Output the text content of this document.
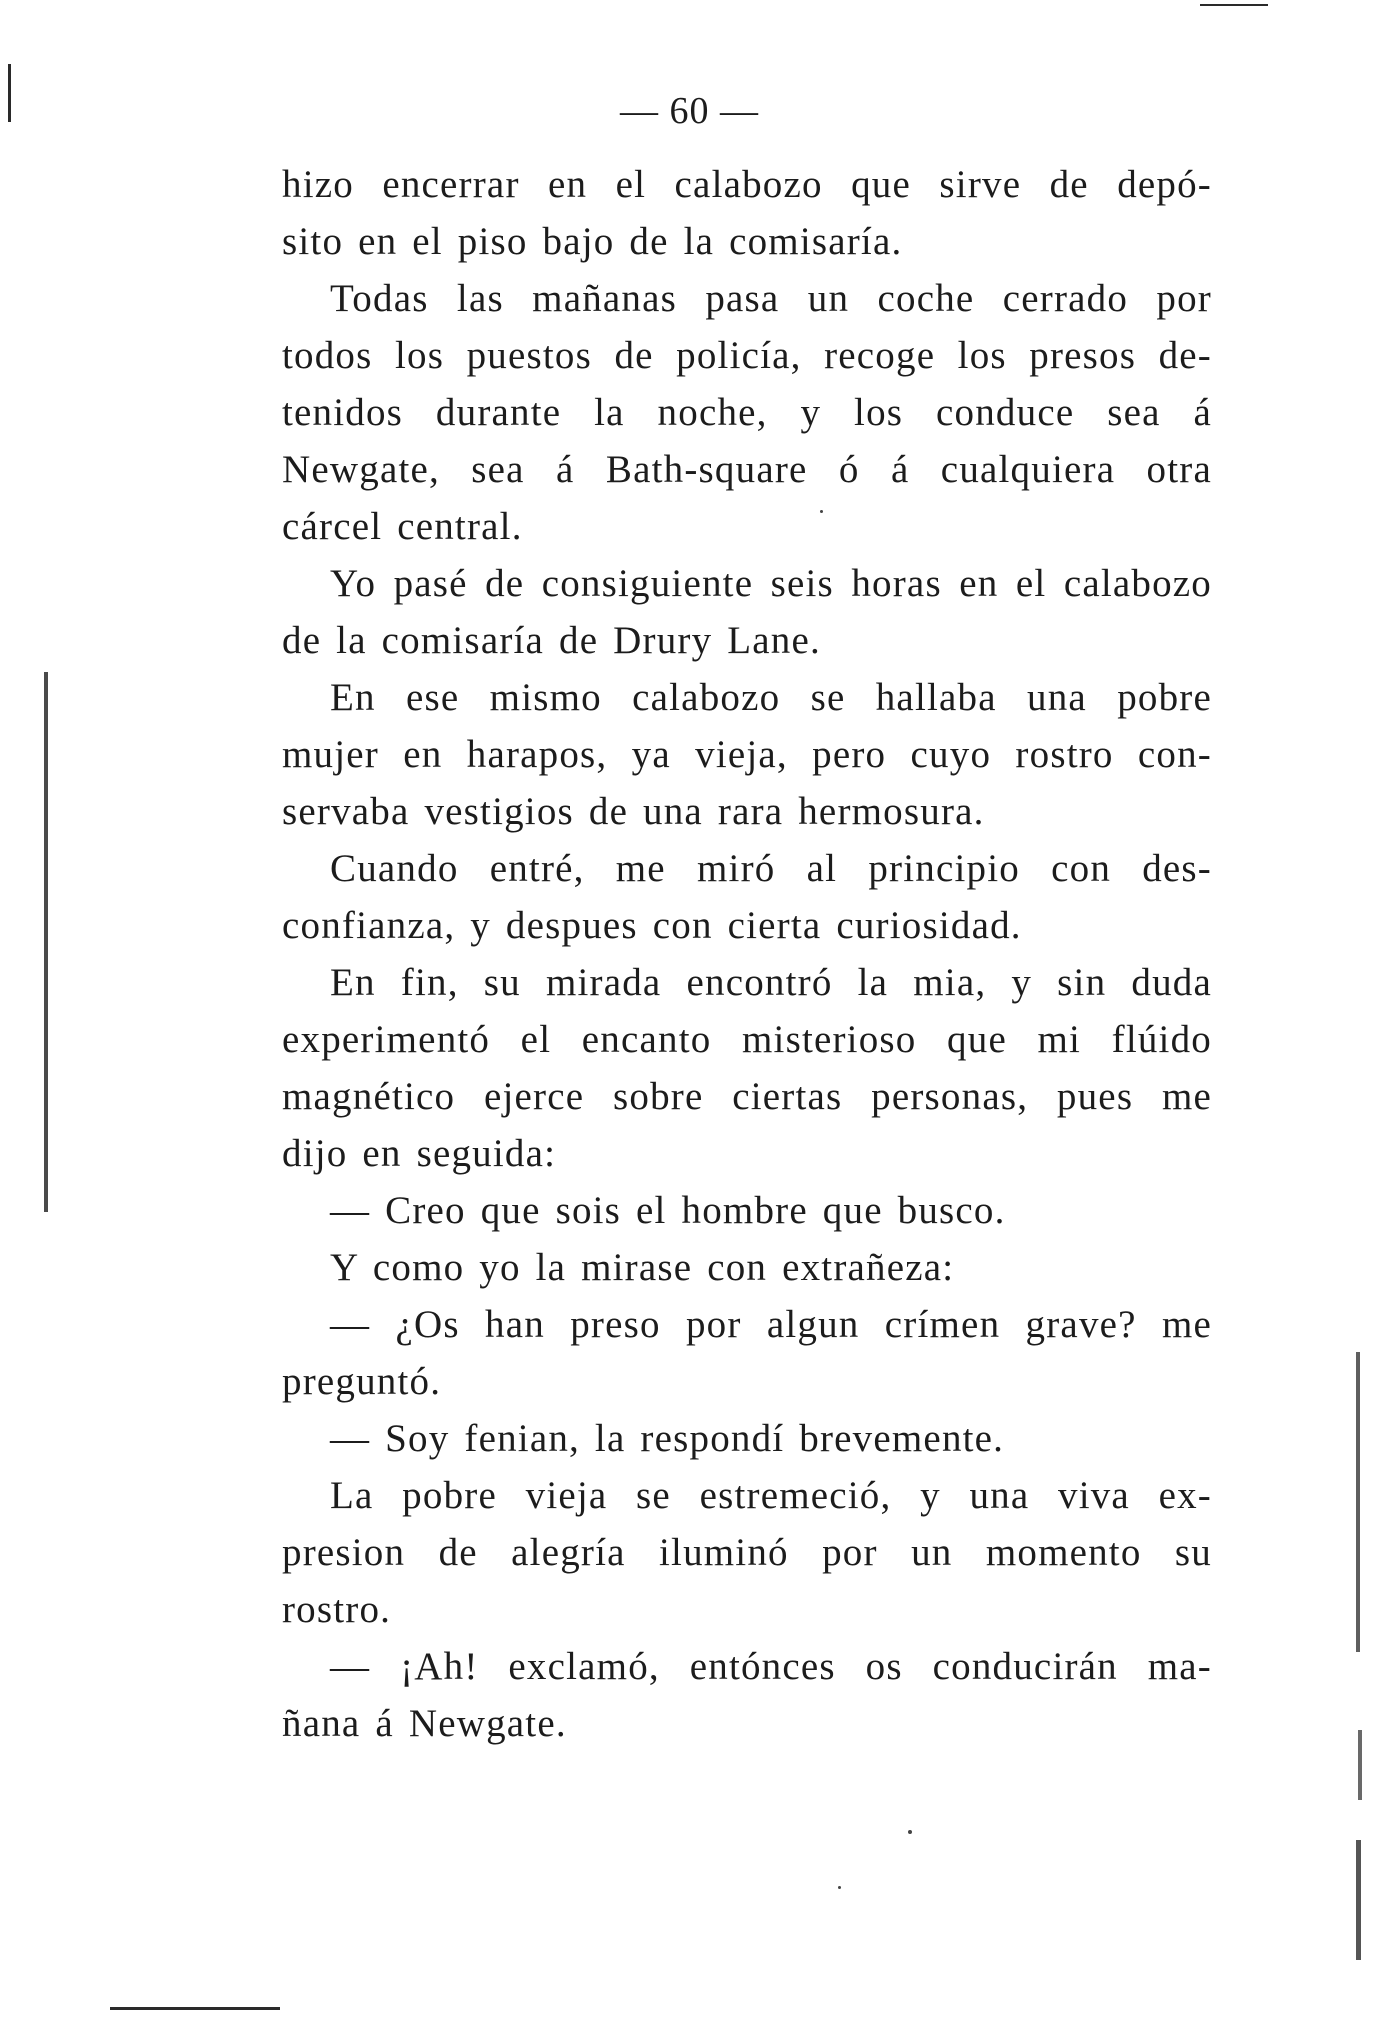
— 60 —
hizo encerrar en el calabozo que sirve de depó-
sito en el piso bajo de la comisaría.
Todas las mañanas pasa un coche cerrado por
todos los puestos de policía, recoge los presos de-
tenidos durante la noche, y los conduce sea á
Newgate, sea á Bath-square ó á cualquiera otra
cárcel central.
Yo pasé de consiguiente seis horas en el calabozo
de la comisaría de Drury Lane.
En ese mismo calabozo se hallaba una pobre
mujer en harapos, ya vieja, pero cuyo rostro con-
servaba vestigios de una rara hermosura.
Cuando entré, me miró al principio con des-
confianza, y despues con cierta curiosidad.
En fin, su mirada encontró la mia, y sin duda
experimentó el encanto misterioso que mi flúido
magnético ejerce sobre ciertas personas, pues me
dijo en seguida:
— Creo que sois el hombre que busco.
Y como yo la mirase con extrañeza:
— ¿Os han preso por algun crímen grave? me
preguntó.
— Soy fenian, la respondí brevemente.
La pobre vieja se estremeció, y una viva ex-
presion de alegría iluminó por un momento su
rostro.
— ¡Ah! exclamó, entónces os conducirán ma-
ñana á Newgate.
